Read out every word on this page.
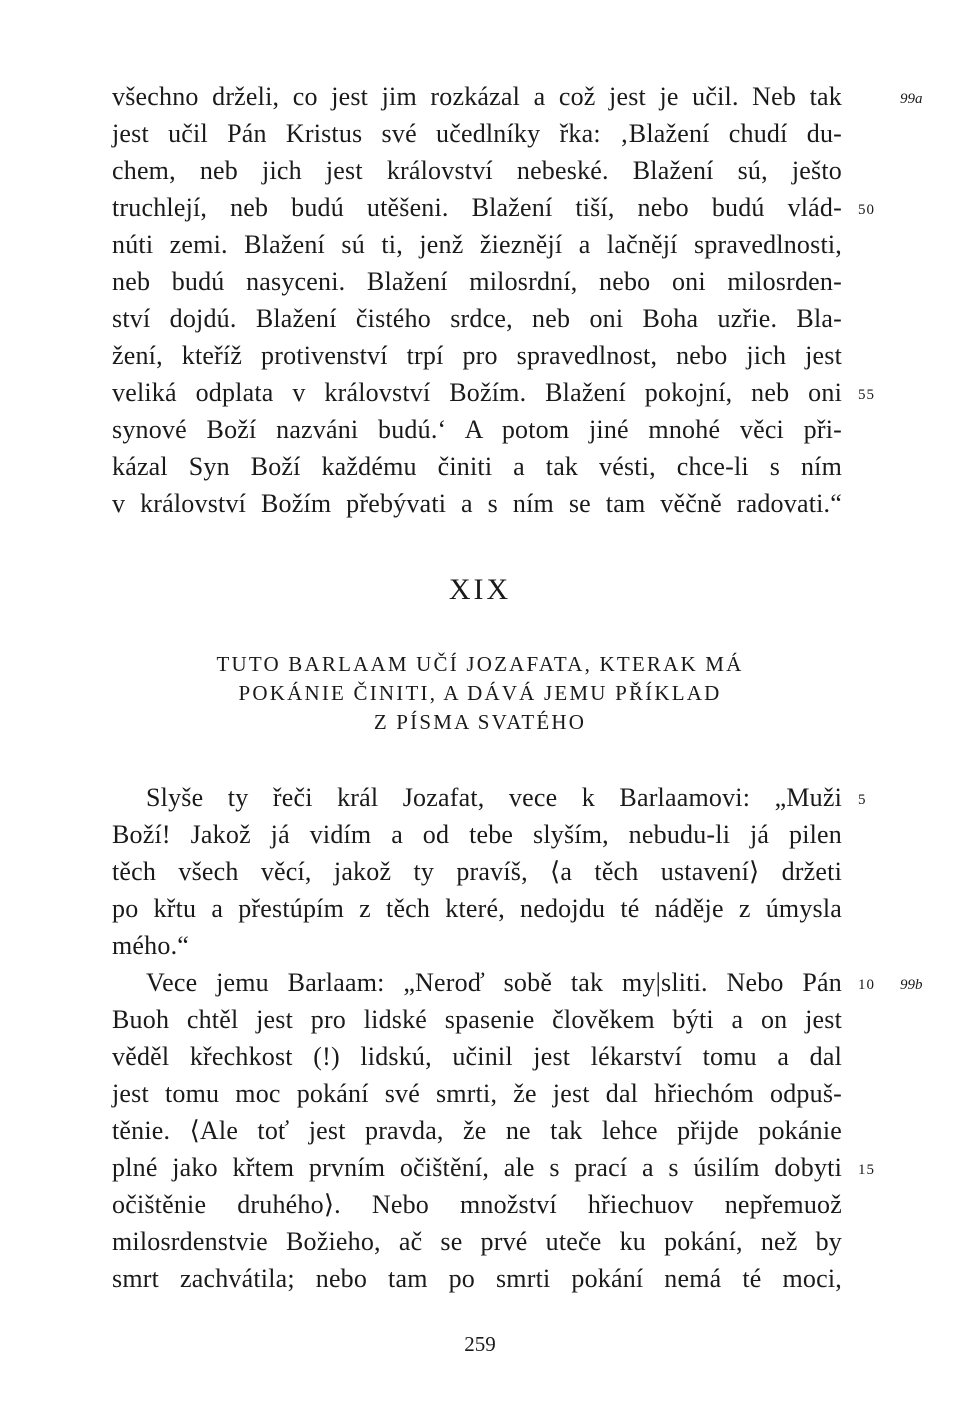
všechno drželi, co jest jim rozkázal a což jest je učil. Neb tak
jest učil Pán Kristus své učedlníky řka: ‚Blažení chudí du-
chem, neb jich jest království nebeské. Blažení sú, ješto
truchlejí, neb budú utěšeni. Blažení tiší, nebo budú vlád-
núti zemi. Blažení sú ti, jenž žieznějí a lačnějí spravedlnosti,
neb budú nasyceni. Blažení milosrdní, nebo oni milosrden-
ství dojdú. Blažení čistého srdce, neb oni Boha uzřie. Bla-
žení, kteříž protivenství trpí pro spravedlnost, nebo jich jest
veliká odplata v království Božím. Blažení pokojní, neb oni
synové Boží nazváni budú.‘ A potom jiné mnohé věci při-
kázal Syn Boží každému činiti a tak vésti, chce-li s ním
v království Božím přebývati a s ním se tam věčně radovati.“
99a
50
55
XIX
TUTO BARLAAM UČÍ JOZAFATA, KTERAK MÁ
POKÁNIE ČINITI, A DÁVÁ JEMU PŘÍKLAD
Z PÍSMA SVATÉHO
Slyše ty řeči král Jozafat, vece k Barlaamovi: „Muži
Boží! Jakož já vidím a od tebe slyším, nebudu-li já pilen
těch všech věcí, jakož ty pravíš, ⟨a těch ustavení⟩ držeti
po křtu a přestúpím z těch které, nedojdu té náděje z úmysla
mého.“
Vece jemu Barlaam: „Neroď sobě tak my|sliti. Nebo Pán
Buoh chtěl jest pro lidské spasenie člověkem býti a on jest
věděl křechkost (!) lidskú, učinil jest lékarství tomu a dal
jest tomu moc pokání své smrti, že jest dal hřiechóm odpuš-
těnie. ⟨Ale toť jest pravda, že ne tak lehce přijde pokánie
plné jako křtem prvním očištění, ale s prací a s úsilím dobyti
očištěnie druhého⟩. Nebo množství hřiechuov nepřemuož
milosrdenstvie Božieho, ač se prvé uteče ku pokání, než by
smrt zachvátila; nebo tam po smrti pokání nemá té moci,
5
10 99b
15
259
